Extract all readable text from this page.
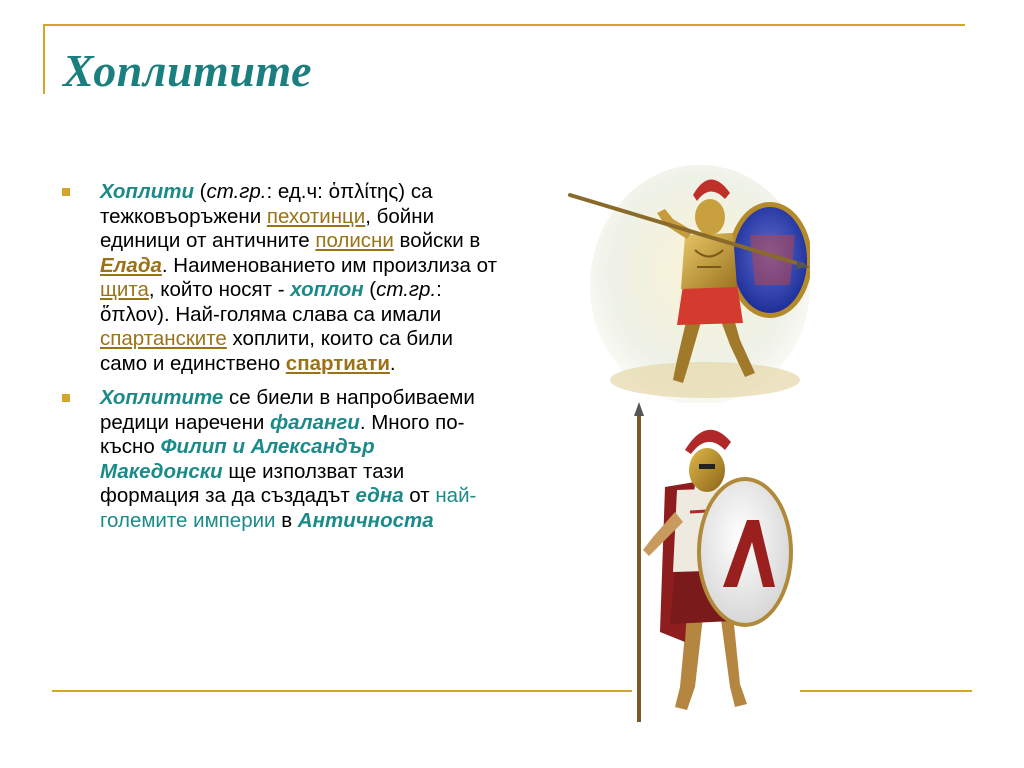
Хоплитите
Хоплити (ст.гр.: ед.ч: ὁπλίτης) са тежковъоръжени пехотинци, бойни единици от античните полисни войски в Елада. Наименованието им произлиза от щита, който носят - хоплон (ст.гр.: ὅπλον). Най-голяма слава са имали спартанските хоплити, които са били само и единствено спартиати.
Хоплитите се биели в напробиваеми редици наречени фаланги. Много по-късно Филип и Александър Македонски ще използват тази формация за да създадът една от най-големите империи в Античноста
